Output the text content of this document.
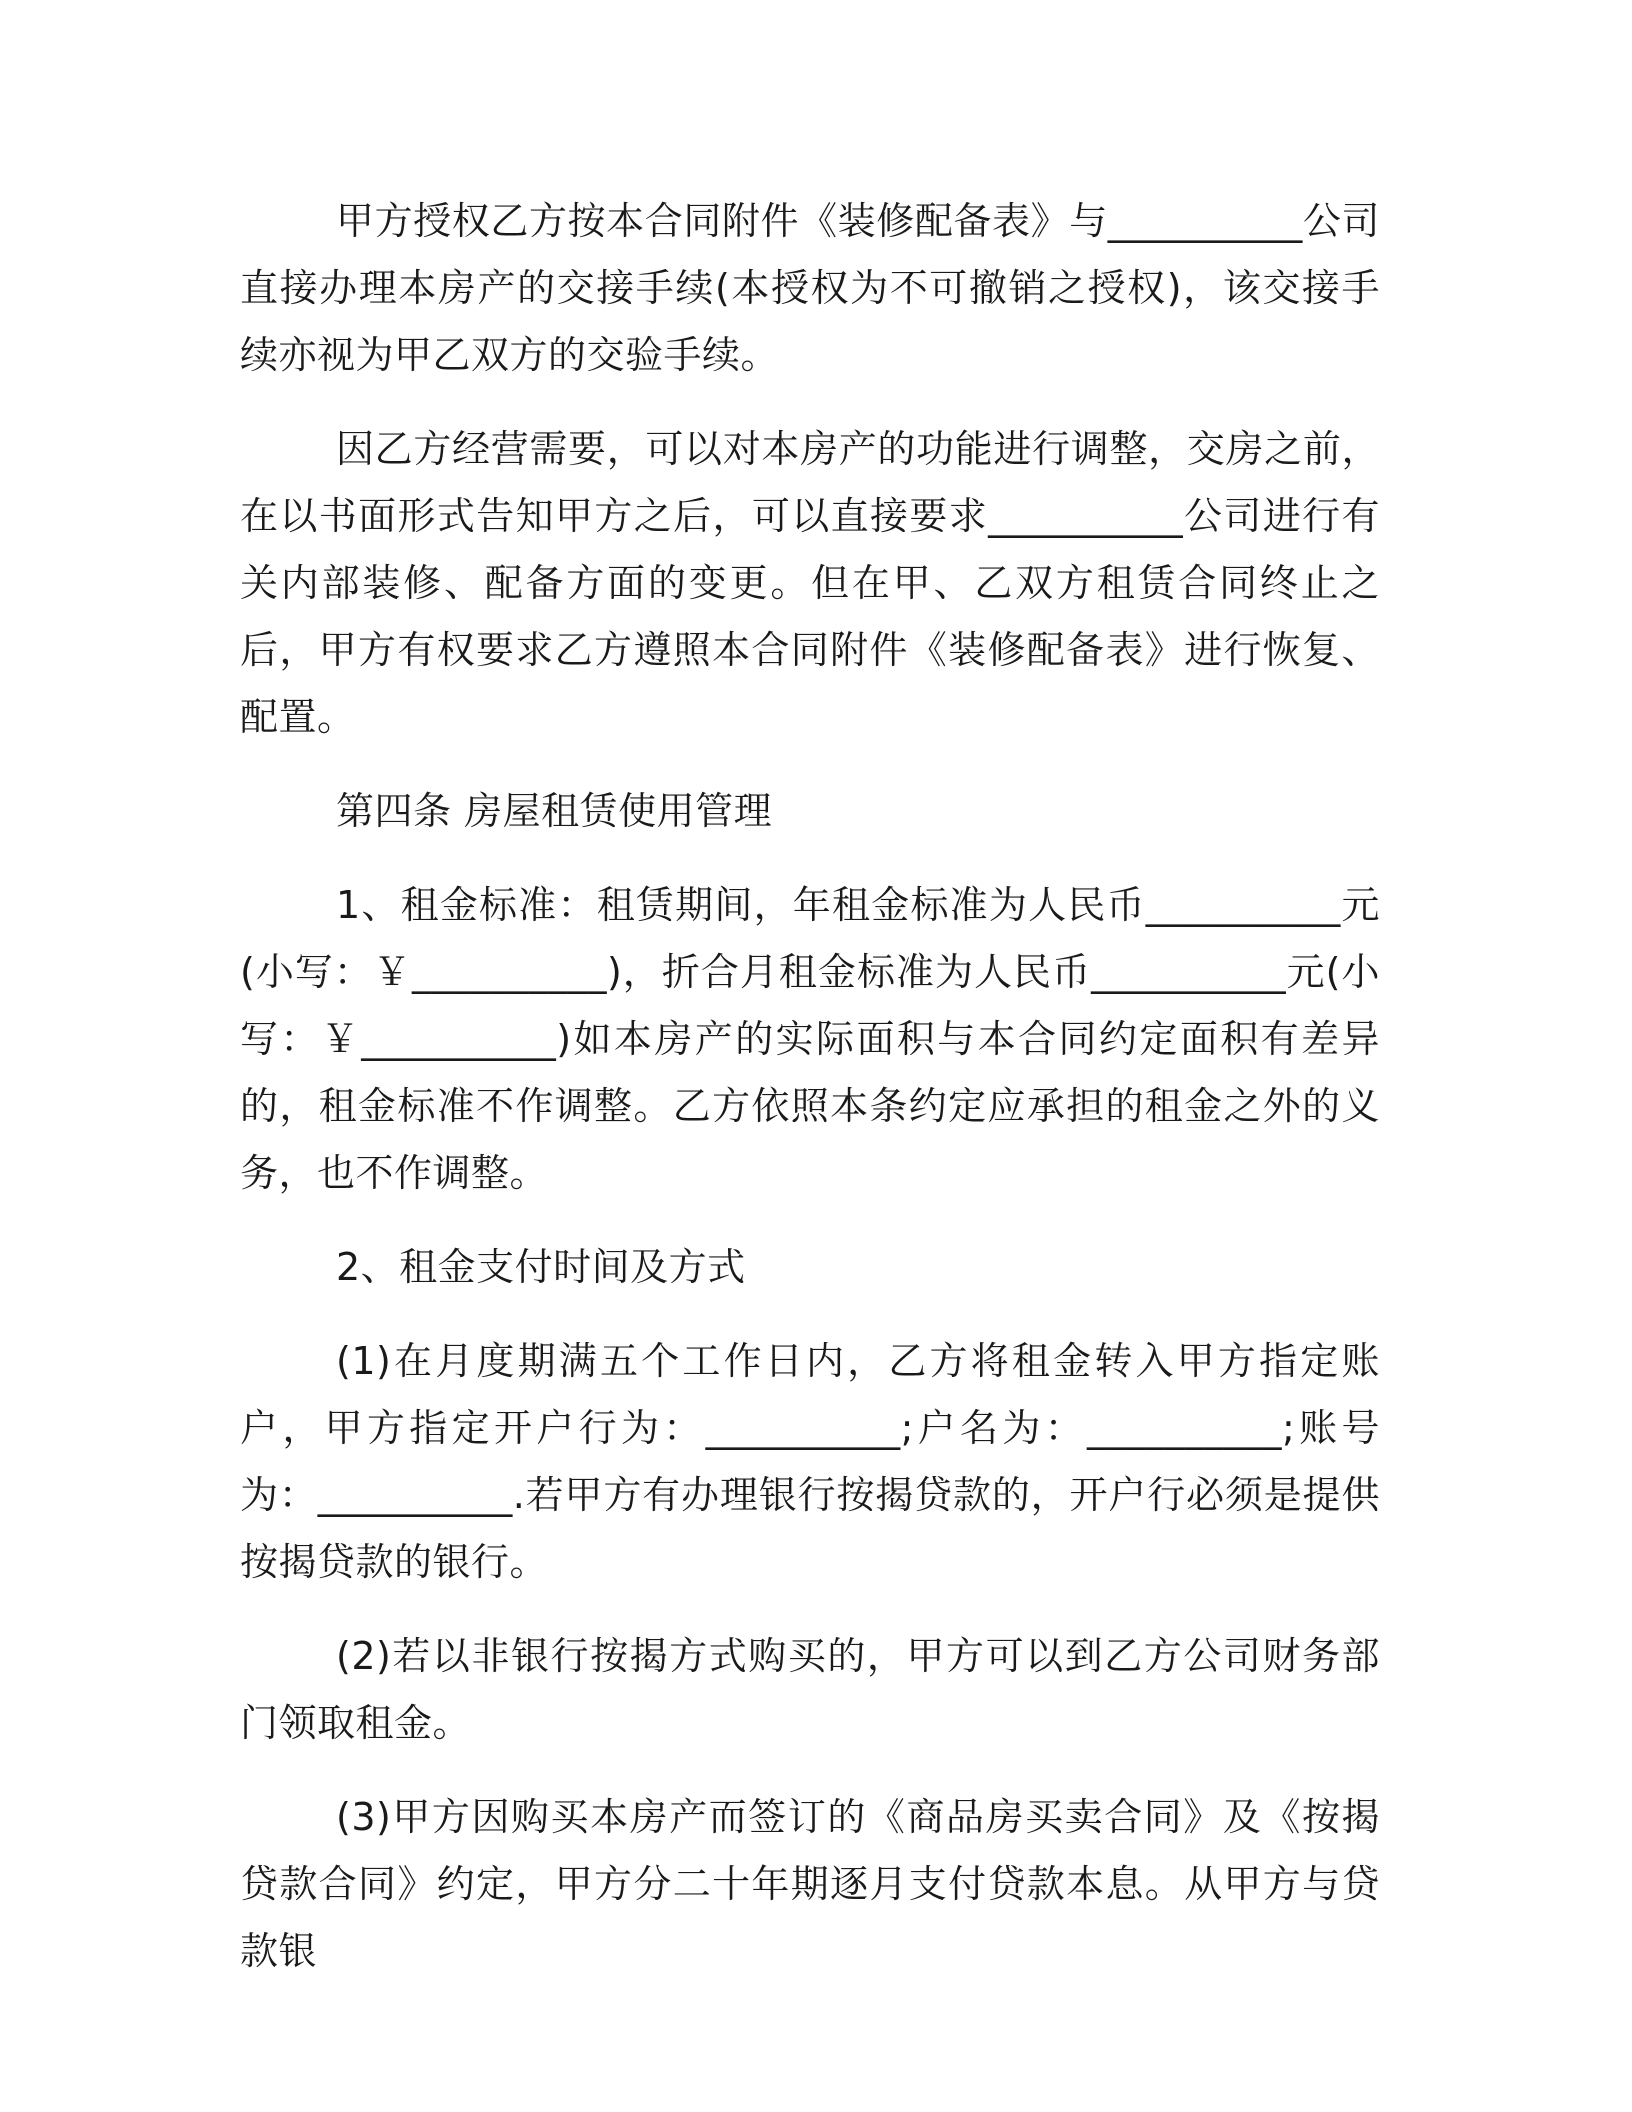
甲方授权乙方按本合同附件《装修配备表》与__________公司直接办理本房产的交接手续(本授权为不可撤销之授权)，该交接手续亦视为甲乙双方的交验手续。

因乙方经营需要，可以对本房产的功能进行调整，交房之前，在以书面形式告知甲方之后，可以直接要求__________公司进行有关内部装修、配备方面的变更。但在甲、乙双方租赁合同终止之后，甲方有权要求乙方遵照本合同附件《装修配备表》进行恢复、配置。

第四条 房屋租赁使用管理

1、租金标准：租赁期间，年租金标准为人民币__________元(小写：￥__________)，折合月租金标准为人民币__________元(小写：￥__________)如本房产的实际面积与本合同约定面积有差异的，租金标准不作调整。乙方依照本条约定应承担的租金之外的义务，也不作调整。

2、租金支付时间及方式

(1)在月度期满五个工作日内，乙方将租金转入甲方指定账户，甲方指定开户行为：__________;户名为：__________;账号为：__________.若甲方有办理银行按揭贷款的，开户行必须是提供按揭贷款的银行。

(2)若以非银行按揭方式购买的，甲方可以到乙方公司财务部门领取租金。

(3)甲方因购买本房产而签订的《商品房买卖合同》及《按揭贷款合同》约定，甲方分二十年期逐月支付贷款本息。从甲方与贷款银
